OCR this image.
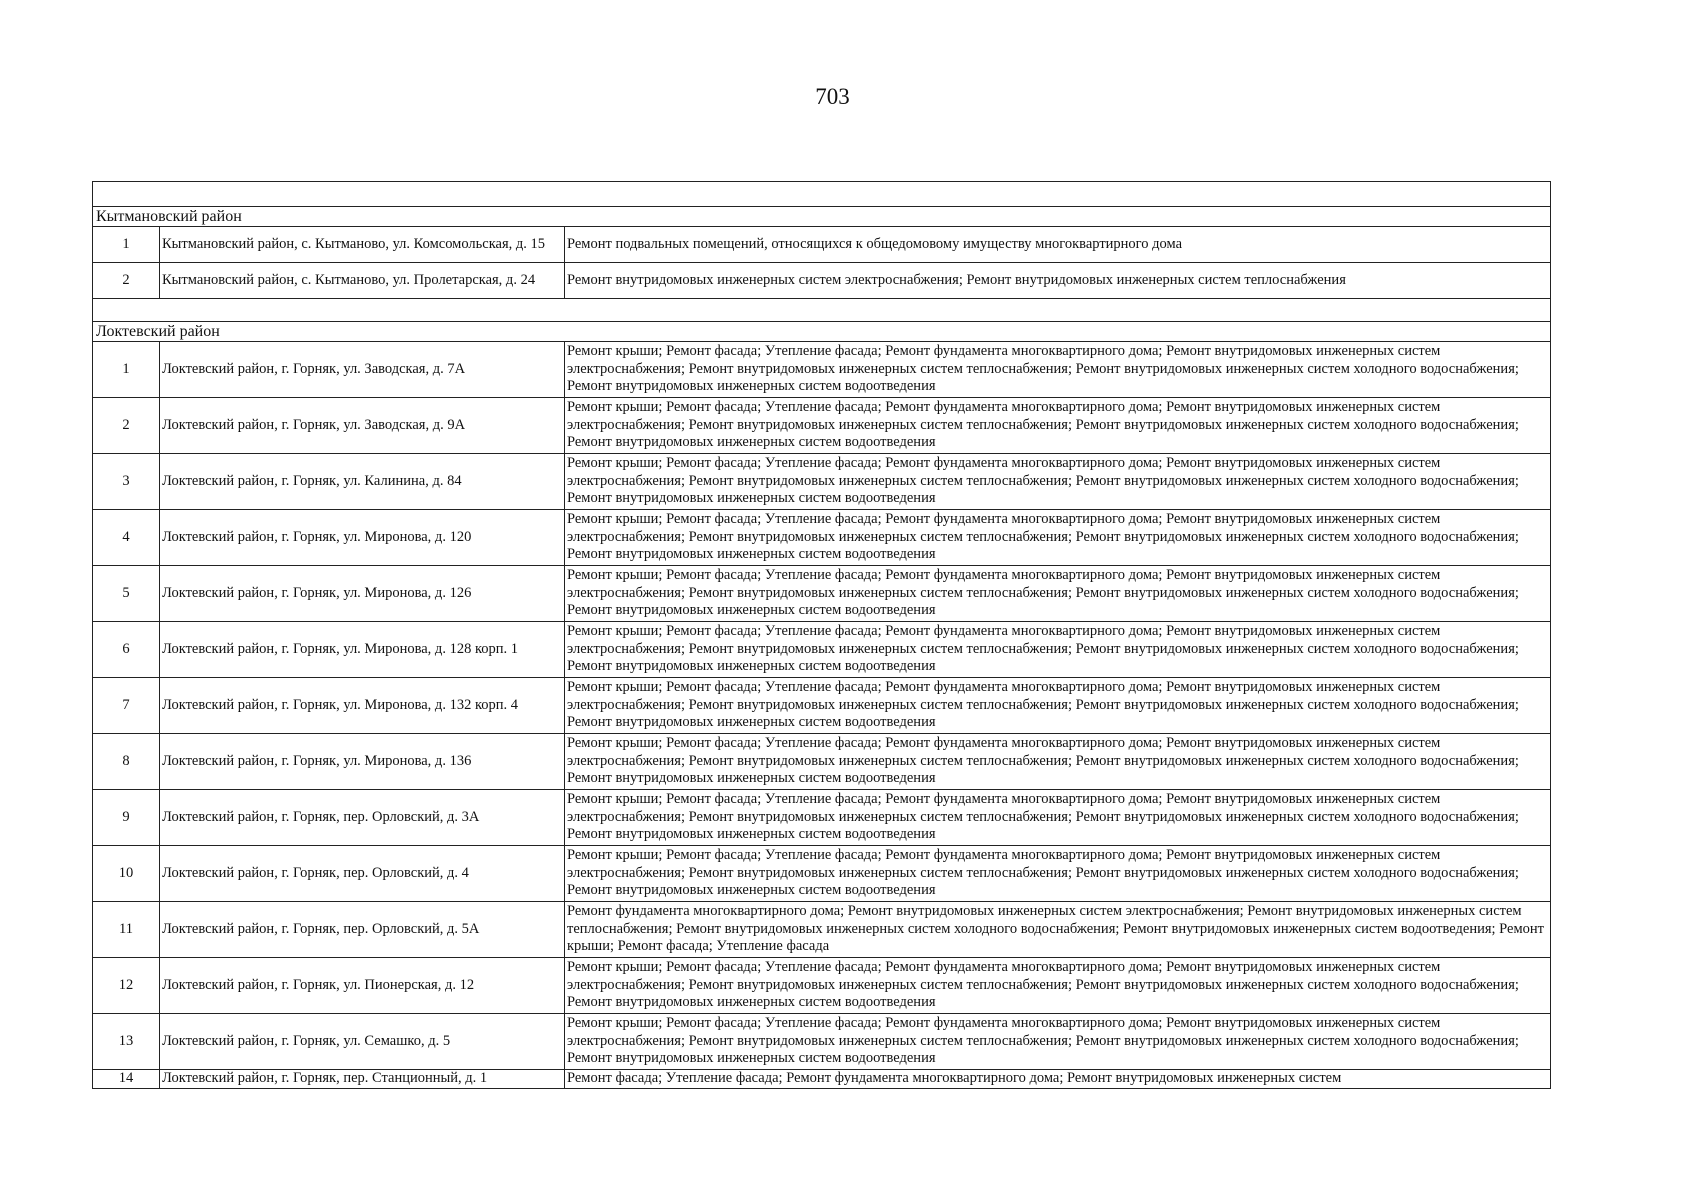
703

Кытмановский район		
1	Кытмановский район, с. Кытманово, ул. Комсомольская, д. 15	Ремонт подвальных помещений, относящихся к общедомовому имуществу многоквартирного дома
2	Кытмановский район, с. Кытманово, ул. Пролетарская, д. 24	Ремонт внутридомовых инженерных систем электроснабжения; Ремонт внутридомовых инженерных систем теплоснабжения

Локтевский район		
1	Локтевский район, г. Горняк, ул. Заводская, д. 7А	Ремонт крыши; Ремонт фасада; Утепление фасада; Ремонт фундамента многоквартирного дома; Ремонт внутридомовых инженерных систем электроснабжения; Ремонт внутридомовых инженерных систем теплоснабжения; Ремонт внутридомовых инженерных систем холодного водоснабжения; Ремонт внутридомовых инженерных систем водоотведения
2	Локтевский район, г. Горняк, ул. Заводская, д. 9А	Ремонт крыши; Ремонт фасада; Утепление фасада; Ремонт фундамента многоквартирного дома; Ремонт внутридомовых инженерных систем электроснабжения; Ремонт внутридомовых инженерных систем теплоснабжения; Ремонт внутридомовых инженерных систем холодного водоснабжения; Ремонт внутридомовых инженерных систем водоотведения
3	Локтевский район, г. Горняк, ул. Калинина, д. 84	Ремонт крыши; Ремонт фасада; Утепление фасада; Ремонт фундамента многоквартирного дома; Ремонт внутридомовых инженерных систем электроснабжения; Ремонт внутридомовых инженерных систем теплоснабжения; Ремонт внутридомовых инженерных систем холодного водоснабжения; Ремонт внутридомовых инженерных систем водоотведения
4	Локтевский район, г. Горняк, ул. Миронова, д. 120	Ремонт крыши; Ремонт фасада; Утепление фасада; Ремонт фундамента многоквартирного дома; Ремонт внутридомовых инженерных систем электроснабжения; Ремонт внутридомовых инженерных систем теплоснабжения; Ремонт внутридомовых инженерных систем холодного водоснабжения; Ремонт внутридомовых инженерных систем водоотведения
5	Локтевский район, г. Горняк, ул. Миронова, д. 126	Ремонт крыши; Ремонт фасада; Утепление фасада; Ремонт фундамента многоквартирного дома; Ремонт внутридомовых инженерных систем электроснабжения; Ремонт внутридомовых инженерных систем теплоснабжения; Ремонт внутридомовых инженерных систем холодного водоснабжения; Ремонт внутридомовых инженерных систем водоотведения
6	Локтевский район, г. Горняк, ул. Миронова, д. 128 корп. 1	Ремонт крыши; Ремонт фасада; Утепление фасада; Ремонт фундамента многоквартирного дома; Ремонт внутридомовых инженерных систем электроснабжения; Ремонт внутридомовых инженерных систем теплоснабжения; Ремонт внутридомовых инженерных систем холодного водоснабжения; Ремонт внутридомовых инженерных систем водоотведения
7	Локтевский район, г. Горняк, ул. Миронова, д. 132 корп. 4	Ремонт крыши; Ремонт фасада; Утепление фасада; Ремонт фундамента многоквартирного дома; Ремонт внутридомовых инженерных систем электроснабжения; Ремонт внутридомовых инженерных систем теплоснабжения; Ремонт внутридомовых инженерных систем холодного водоснабжения; Ремонт внутридомовых инженерных систем водоотведения
8	Локтевский район, г. Горняк, ул. Миронова, д. 136	Ремонт крыши; Ремонт фасада; Утепление фасада; Ремонт фундамента многоквартирного дома; Ремонт внутридомовых инженерных систем электроснабжения; Ремонт внутридомовых инженерных систем теплоснабжения; Ремонт внутридомовых инженерных систем холодного водоснабжения; Ремонт внутридомовых инженерных систем водоотведения
9	Локтевский район, г. Горняк, пер. Орловский, д. 3А	Ремонт крыши; Ремонт фасада; Утепление фасада; Ремонт фундамента многоквартирного дома; Ремонт внутридомовых инженерных систем электроснабжения; Ремонт внутридомовых инженерных систем теплоснабжения; Ремонт внутридомовых инженерных систем холодного водоснабжения; Ремонт внутридомовых инженерных систем водоотведения
10	Локтевский район, г. Горняк, пер. Орловский, д. 4	Ремонт крыши; Ремонт фасада; Утепление фасада; Ремонт фундамента многоквартирного дома; Ремонт внутридомовых инженерных систем электроснабжения; Ремонт внутридомовых инженерных систем теплоснабжения; Ремонт внутридомовых инженерных систем холодного водоснабжения; Ремонт внутридомовых инженерных систем водоотведения
11	Локтевский район, г. Горняк, пер. Орловский, д. 5А	Ремонт фундамента многоквартирного дома; Ремонт внутридомовых инженерных систем электроснабжения; Ремонт внутридомовых инженерных систем теплоснабжения; Ремонт внутридомовых инженерных систем холодного водоснабжения; Ремонт внутридомовых инженерных систем водоотведения; Ремонт крыши; Ремонт фасада; Утепление фасада
12	Локтевский район, г. Горняк, ул. Пионерская, д. 12	Ремонт крыши; Ремонт фасада; Утепление фасада; Ремонт фундамента многоквартирного дома; Ремонт внутридомовых инженерных систем электроснабжения; Ремонт внутридомовых инженерных систем теплоснабжения; Ремонт внутридомовых инженерных систем холодного водоснабжения; Ремонт внутридомовых инженерных систем водоотведения
13	Локтевский район, г. Горняк, ул. Семашко, д. 5	Ремонт крыши; Ремонт фасада; Утепление фасада; Ремонт фундамента многоквартирного дома; Ремонт внутридомовых инженерных систем электроснабжения; Ремонт внутридомовых инженерных систем теплоснабжения; Ремонт внутридомовых инженерных систем холодного водоснабжения; Ремонт внутридомовых инженерных систем водоотведения
14	Локтевский район, г. Горняк, пер. Станционный, д. 1	Ремонт фасада; Утепление фасада; Ремонт фундамента многоквартирного дома; Ремонт внутридомовых инженерных систем
